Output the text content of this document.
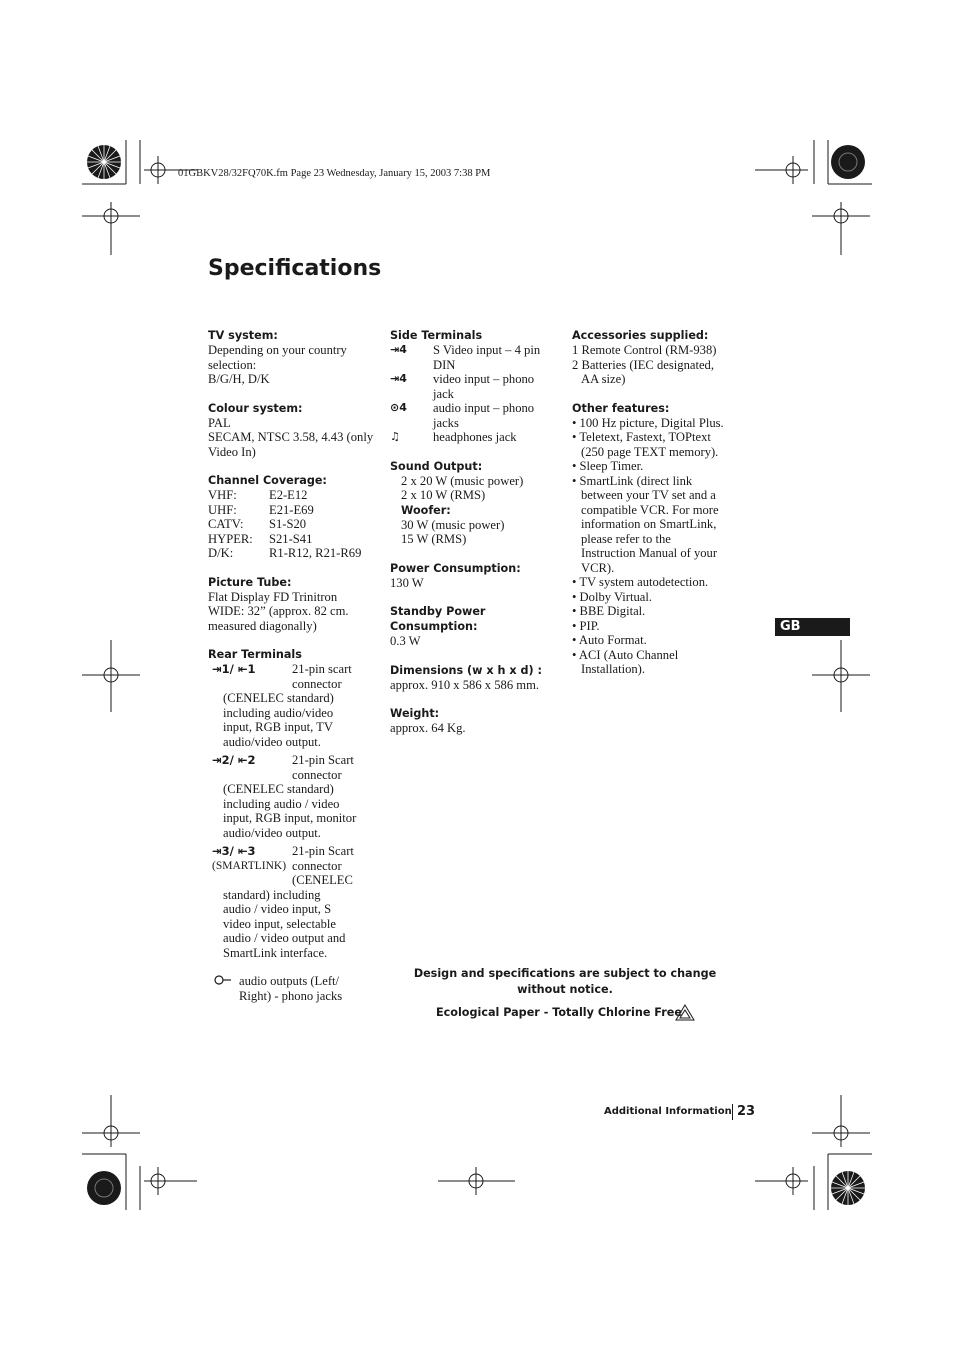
01GBKV28/32FQ70K.fm Page 23 Wednesday, January 15, 2003 7:38 PM
Specifications
TV system:
Depending on your country
selection:
B/G/H, D/K
Colour system:
PAL
SECAM, NTSC 3.58, 4.43 (only
Video In)
Channel Coverage:
VHF:	E2-E12
UHF:	E21-E69
CATV:	S1-S20
HYPER:	S21-S41
D/K:	R1-R12, R21-R69
Picture Tube:
Flat Display FD Trinitron
WIDE: 32” (approx. 82 cm.
measured diagonally)
Rear Terminals
⇥1/ ⇤1	21-pin scart
connector
(CENELEC standard)
including audio/video
input, RGB input, TV
audio/video output.
⇥2/ ⇤2	21-pin Scart
connector
(CENELEC standard)
including audio / video
input, RGB input, monitor
audio/video output.
⇥3/ ⇤3	21-pin Scart
(SMARTLINK) connector
(CENELEC
standard) including
audio / video input, S
video input, selectable
audio / video output and
SmartLink interface.
audio outputs (Left/
Right) - phono jacks
Side Terminals
⇥4	S Video input – 4 pin
DIN
⇥4	video input – phono
jack
⊙4	audio input – phono
jacks
♫	headphones jack
Sound Output:
2 x 20 W (music power)
2 x 10 W (RMS)
Woofer:
30 W (music power)
15 W (RMS)
Power Consumption:
130 W
Standby Power
Consumption:
0.3 W
Dimensions (w x h x d) :
approx. 910 x 586 x 586 mm.
Weight:
approx. 64 Kg.
Accessories supplied:
1 Remote Control (RM-938)
2 Batteries (IEC designated,
AA size)
Other features:
• 100 Hz picture, Digital Plus.
• Teletext, Fastext, TOPtext
(250 page TEXT memory).
• Sleep Timer.
• SmartLink (direct link
between your TV set and a
compatible VCR. For more
information on SmartLink,
please refer to the
Instruction Manual of your
VCR).
• TV system autodetection.
• Dolby Virtual.
• BBE Digital.
• PIP.
• Auto Format.
• ACI (Auto Channel
Installation).
GB
Design and specifications are subject to change
without notice.
Ecological Paper - Totally Chlorine Free
Additional Information 23
